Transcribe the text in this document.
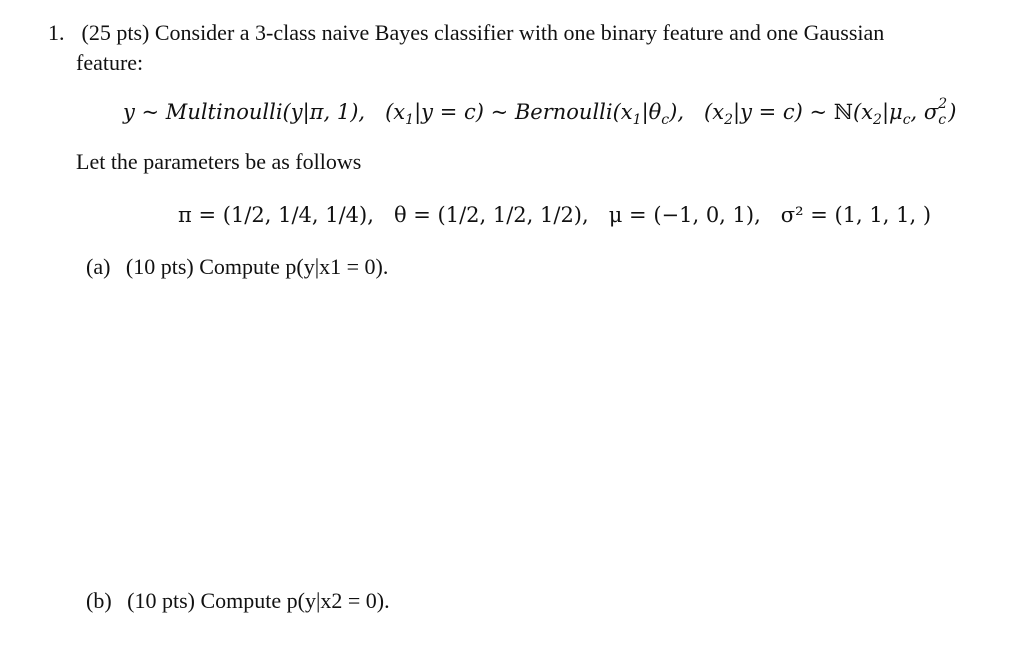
1. (25 pts) Consider a 3-class naive Bayes classifier with one binary feature and one Gaussian
feature:
y ~ Multinoulli(y|π, 1), $(x_1|y = c)$ ~ $Bernoulli(x_1|\theta_c)$, $(x_2|y = c)$ ~ $ℕ(x_2|\mu_c$, σ 2
c )
Let the parameters be as follows
π = (1/2, 1/4, 1/4), θ = (1/2, 1/2, 1/2), μ = (−1, 0, 1), σ² = (1, 1, 1, )
(a) (10 pts) Compute p(y|x1 = 0).
(b) (10 pts) Compute p(y|x2 = 0).
